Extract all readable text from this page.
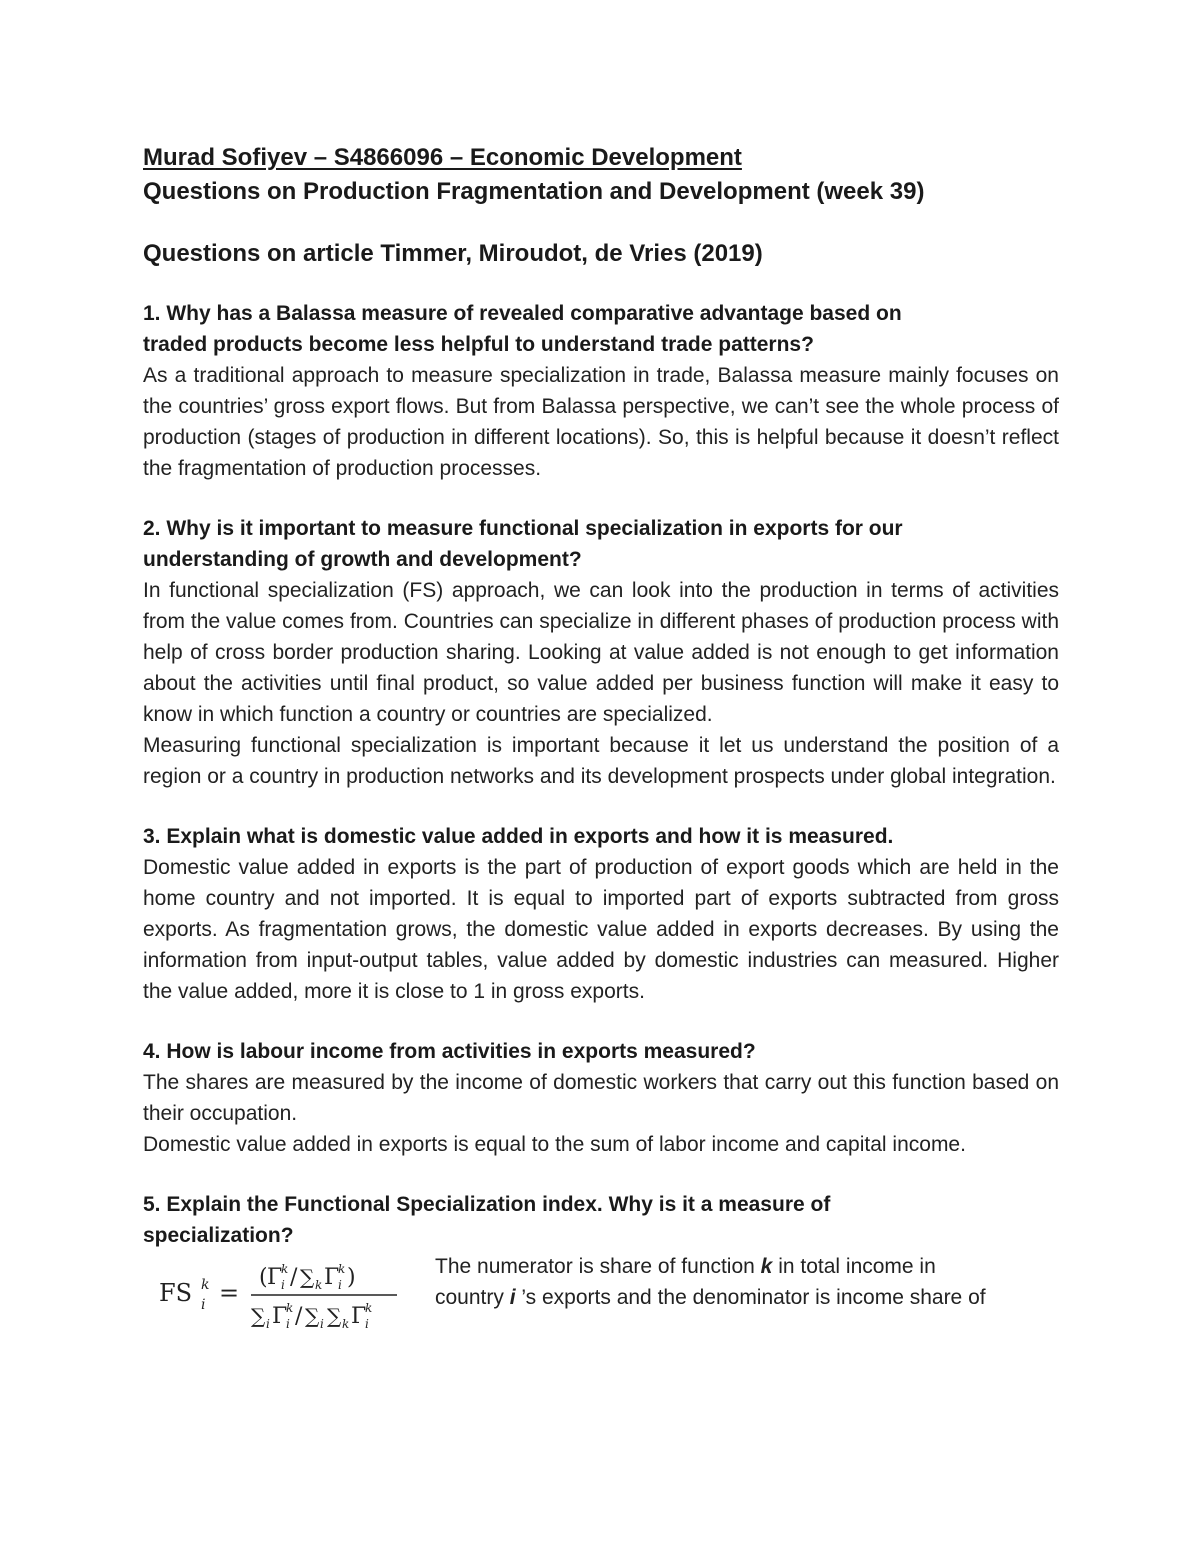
Murad Sofiyev – S4866096 – Economic Development

Questions on Production Fragmentation and Development (week 39)

Questions on article Timmer, Miroudot, de Vries (2019)

1. Why has a Balassa measure of revealed comparative advantage based on

traded products become less helpful to understand trade patterns?

As a traditional approach to measure specialization in trade, Balassa measure mainly focuses on the countries’ gross export flows. But from Balassa perspective, we can’t see the whole process of production (stages of production in different locations). So, this is helpful because it doesn’t reflect the fragmentation of production processes.

2. Why is it important to measure functional specialization in exports for our

understanding of growth and development?

In functional specialization (FS) approach, we can look into the production in terms of activities from the value comes from. Countries can specialize in different phases of production process with help of cross border production sharing. Looking at value added is not enough to get information about the activities until final product, so value added per business function will make it easy to know in which function a country or countries are specialized.

Measuring functional specialization is important because it let us understand the position of a region or a country in production networks and its development prospects under global integration.

3. Explain what is domestic value added in exports and how it is measured.

Domestic value added in exports is the part of production of export goods which are held in the home country and not imported. It is equal to imported part of exports subtracted from gross exports. As fragmentation grows, the domestic value added in exports decreases. By using the information from input-output tables, value added by domestic industries can measured. Higher the value added, more it is close to 1 in gross exports.

4. How is labour income from activities in exports measured?

The shares are measured by the income of domestic workers that carry out this function based on their occupation.

Domestic value added in exports is equal to the sum of labor income and capital income.

5. Explain the Functional Specialization index. Why is it a measure of

specialization?

FS k
i =
( Γ
k
i / ∑ k Γ
k
i )
∑ i Γ
k
i / ∑ i ∑ k Γ
k
i

The numerator is share of function k in total income in

country i ’s exports and the denominator is income share of
